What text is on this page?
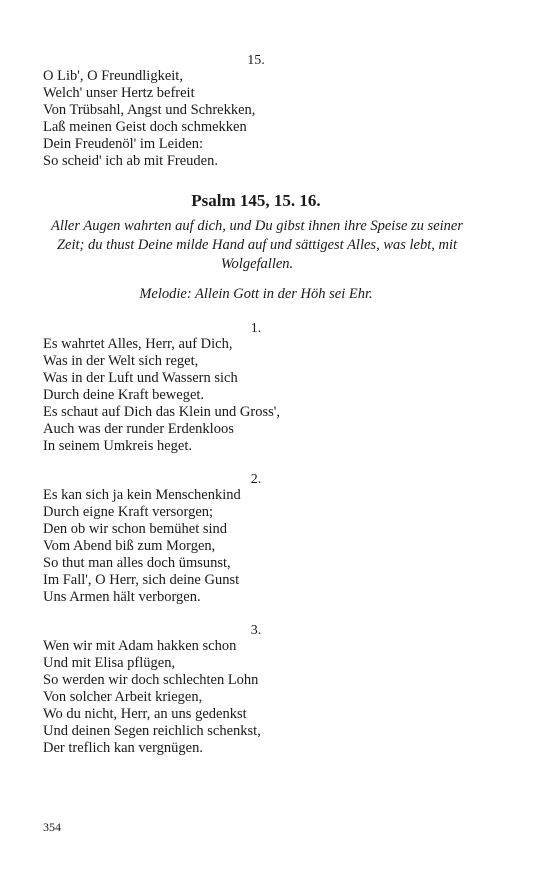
15.
O Lib', O Freundligkeit,
Welch' unser Hertz befreit
Von Trübsahl, Angst und Schrekken,
Laß meinen Geist doch schmekken
Dein Freudenöl' im Leiden:
So scheid' ich ab mit Freuden.
Psalm 145, 15. 16.
Aller Augen wahrten auf dich, und Du gibst ihnen ihre Speise zu seiner
Zeit; du thust Deine milde Hand auf und sättigest Alles, was lebt, mit
Wolgefallen.
Melodie: Allein Gott in der Höh sei Ehr.
1.
Es wahrtet Alles, Herr, auf Dich,
Was in der Welt sich reget,
Was in der Luft und Wassern sich
Durch deine Kraft beweget.
Es schaut auf Dich das Klein und Gross',
Auch was der runder Erdenkloos
In seinem Umkreis heget.
2.
Es kan sich ja kein Menschenkind
Durch eigne Kraft versorgen;
Den ob wir schon bemühet sind
Vom Abend biß zum Morgen,
So thut man alles doch ümsunst,
Im Fall', O Herr, sich deine Gunst
Uns Armen hält verborgen.
3.
Wen wir mit Adam hakken schon
Und mit Elisa pflügen,
So werden wir doch schlechten Lohn
Von solcher Arbeit kriegen,
Wo du nicht, Herr, an uns gedenkst
Und deinen Segen reichlich schenkst,
Der treflich kan vergnügen.
354
